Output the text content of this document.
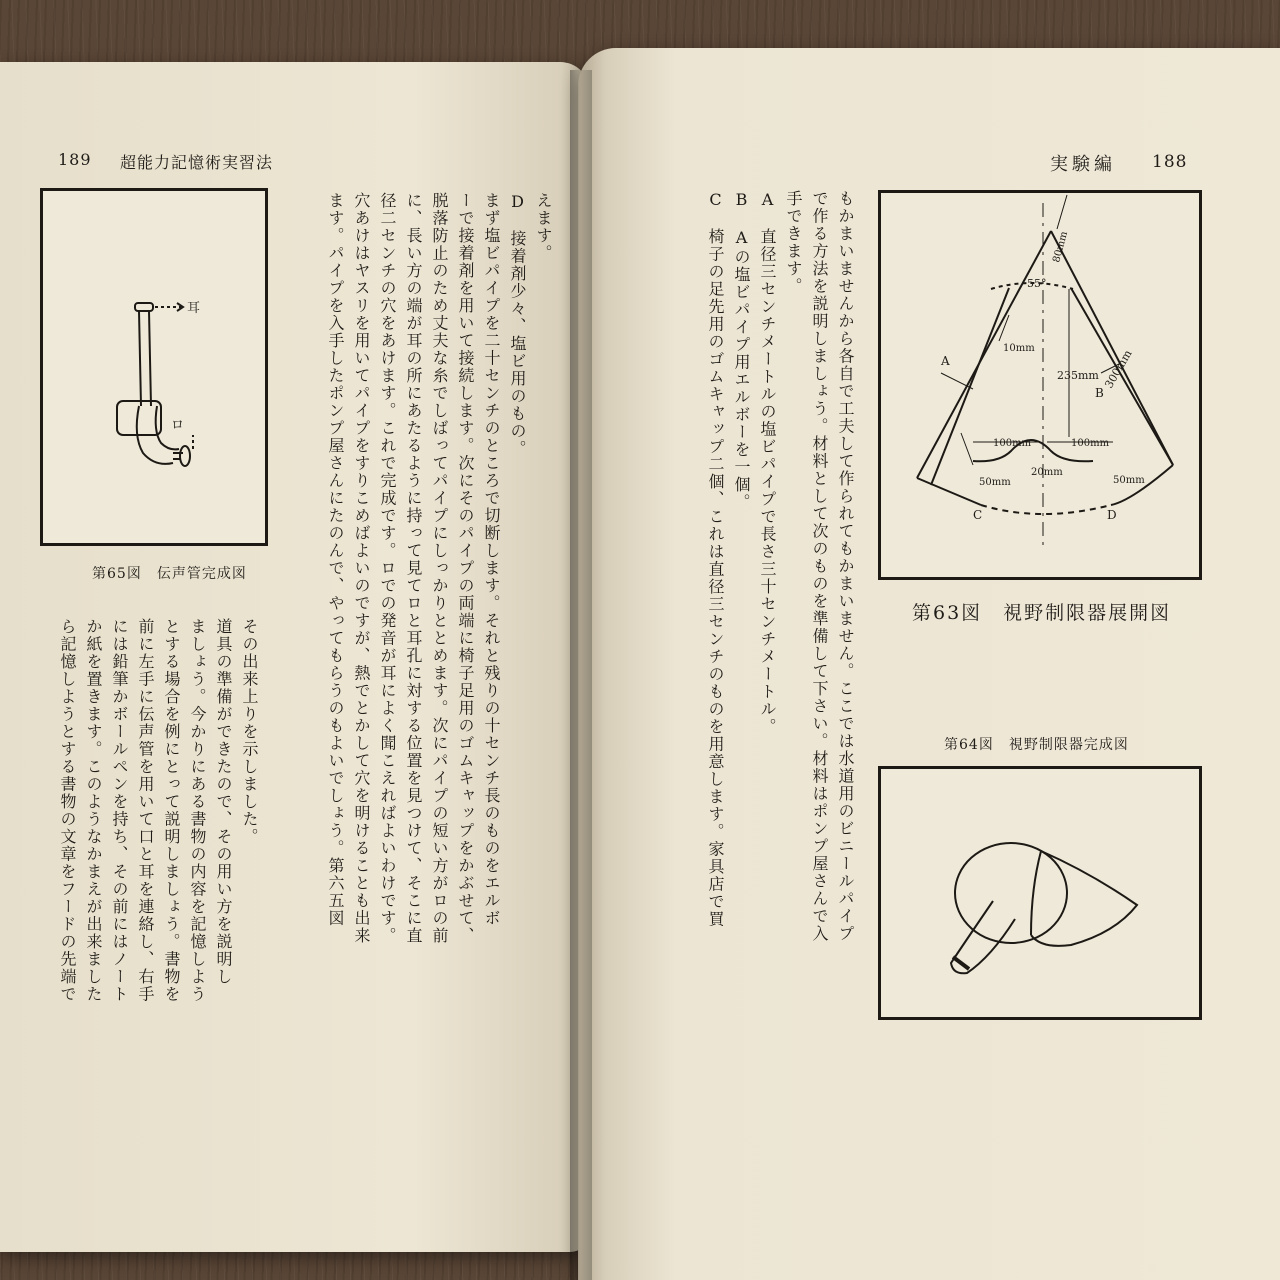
189 超能力記憶術実習法
耳
ロ
第65図　伝声管完成図

えます。

D　接着剤少々、塩ビ用のもの。

まず塩ビパイプを二十センチのところで切断します。それと残りの十センチ長のものをエルボ

ーで接着剤を用いて接続します。次にそのパイプの両端に椅子足用のゴムキャップをかぶせて、

脱落防止のため丈夫な糸でしばってパイプにしっかりととめます。次にパイプの短い方がロの前

に、長い方の端が耳の所にあたるように持って見てロと耳孔に対する位置を見つけて、そこに直

径二センチの穴をあけます。これで完成です。ロでの発音が耳によく聞こえればよいわけです。

穴あけはヤスリを用いてパイプをすりこめばよいのですが、熱でとかして穴を明けることも出来

ます。パイプを入手したポンプ屋さんにたのんで、やってもらうのもよいでしょう。第六五図

その出来上りを示しました。

道具の準備ができたので、その用い方を説明し

ましょう。今かりにある書物の内容を記憶しよう

とする場合を例にとって説明しましょう。書物を

前に左手に伝声管を用いて口と耳を連絡し、右手

には鉛筆かボールペンを持ち、その前にはノート

か紙を置きます。このようなかまえが出来ました

ら記憶しようとする書物の文章をフードの先端で

実験編 188

もかまいませんから各自で工夫して作られてもかまいません。ここでは水道用のビニールパイプ

で作る方法を説明しましょう。材料として次のものを準備して下さい。材料はポンプ屋さんで入

手できます。

A　直径三センチメートルの塩ビパイプで長さ三十センチメートル。

B　Aの塩ビパイプ用エルボーを一個。

C　椅子の足先用のゴムキャップ二個、これは直径三センチのものを用意します。家具店で買	55°
80mm
10mm
235mm 300mm
100mm	100mm
20mm
50mm	50mm
A
B
C	D
第63図　視野制限器展開図
第64図　視野制限器完成図
